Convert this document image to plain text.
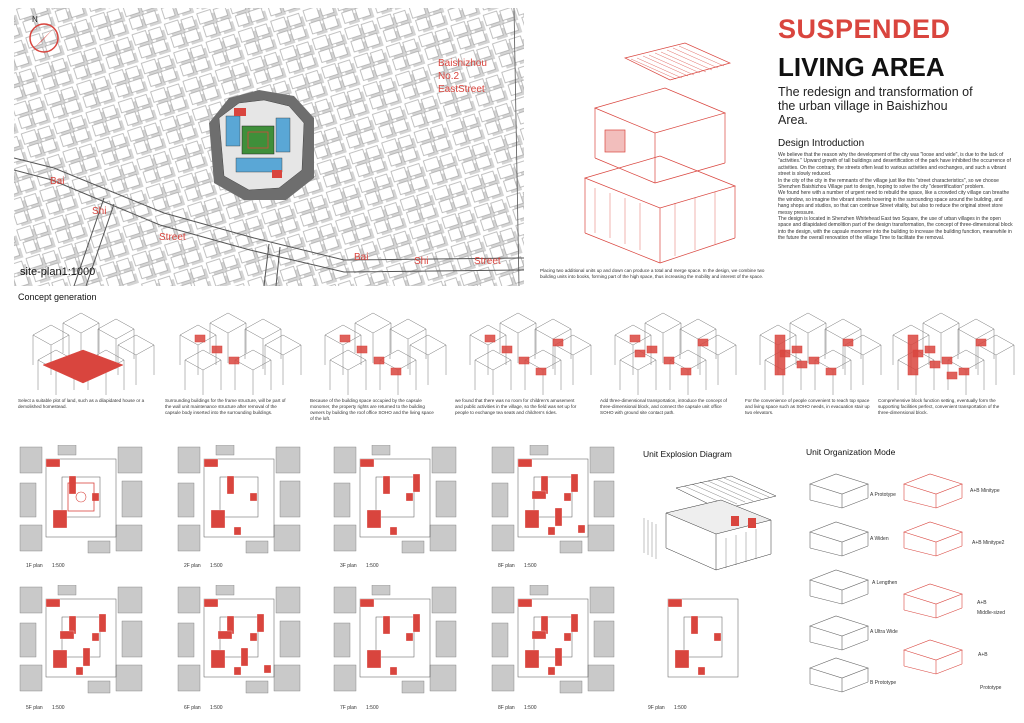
N
Baishizhou
No.2
EastStreet
Bai
Shi
Street
Bai	Shi	Street
site-plan1:1000	Placing two additional units up and down can produce a total and merge space. In the design, we combine two building units into books, forming part of the high space, thus increasing the mobility and interest of the space.
SUSPENDED
LIVING AREA
The redesign and transformation of the urban village in Baishizhou Area.
Design Introduction

We believe that the reason why the development of the city was "loose and wide", is due to the lack of "activities." Upward growth of tall buildings and desertification of the park have inhibited the occurrence of activities. On the contrary, the streets often lead to various activities and exchanges, and such a vibrant street is slowly reduced.

In the city of the city in the remnants of the village just like this "street characteristics", so we choose Shenzhen Baishizhou Village part to design, hoping to solve the city "desertification" problem.

We found here with a number of urgent need to rebuild the space, like a crowded city village can breathe the window, so imagine the vibrant streets hovering in the surrounding space around the building, and hang shops and studios, so that can continue Street vitality, but also to reduce the original street store messy pressure.

The design is located in Shenzhen Whitehead East two Square, the use of urban villages in the open space and dilapidated demolition part of the design transformation, the concept of three-dimensional block into the design, with the capsule monomer into the building to increase the building function, meanwhile in the future the overall renovation of the village Time to facilitate the removal.

Concept generation
Select a suitable plot of land, such as a dilapidated house or a demolished homestead.
Surrounding buildings for the frame structure, will be part of the wall unit maintenance structure after removal of the capsule body inserted into the surrounding buildings.
Because of the building space occupied by the capsule monomer, the property rights are returned to the building owners by building the roof office SOHO and the living space of the loft.
we found that there was no room for children's amusement and public activities in the village, so the field was set up for people to exchange tea seats and children's rides.
Add three-dimensional transportation, introduce the concept of three-dimensional block, and connect the capsule unit office SOHO with ground site contact path.
For the convenience of people convenient to reach top space and living space such as SOHO needs, in evacuation stair up two elevators.
Comprehensive block function setting, eventually form the supporting facilities perfect, convenient transportation of the three-dimensional block.
1F plan 1:500	2F plan 1:500	3F plan 1:500	8F plan 1:500
5F plan 1:500	6F plan 1:500	7F plan 1:500	8F plan 1:500	9F plan 1:500
Unit Explosion Diagram	Unit Organization Mode
A Prototype
A+B Minitype
A Widen
A+B Minitype2
A Lengthen
A+B
Middle-sized
A Ultra Wide
A+B
B Prototype
Prototype
